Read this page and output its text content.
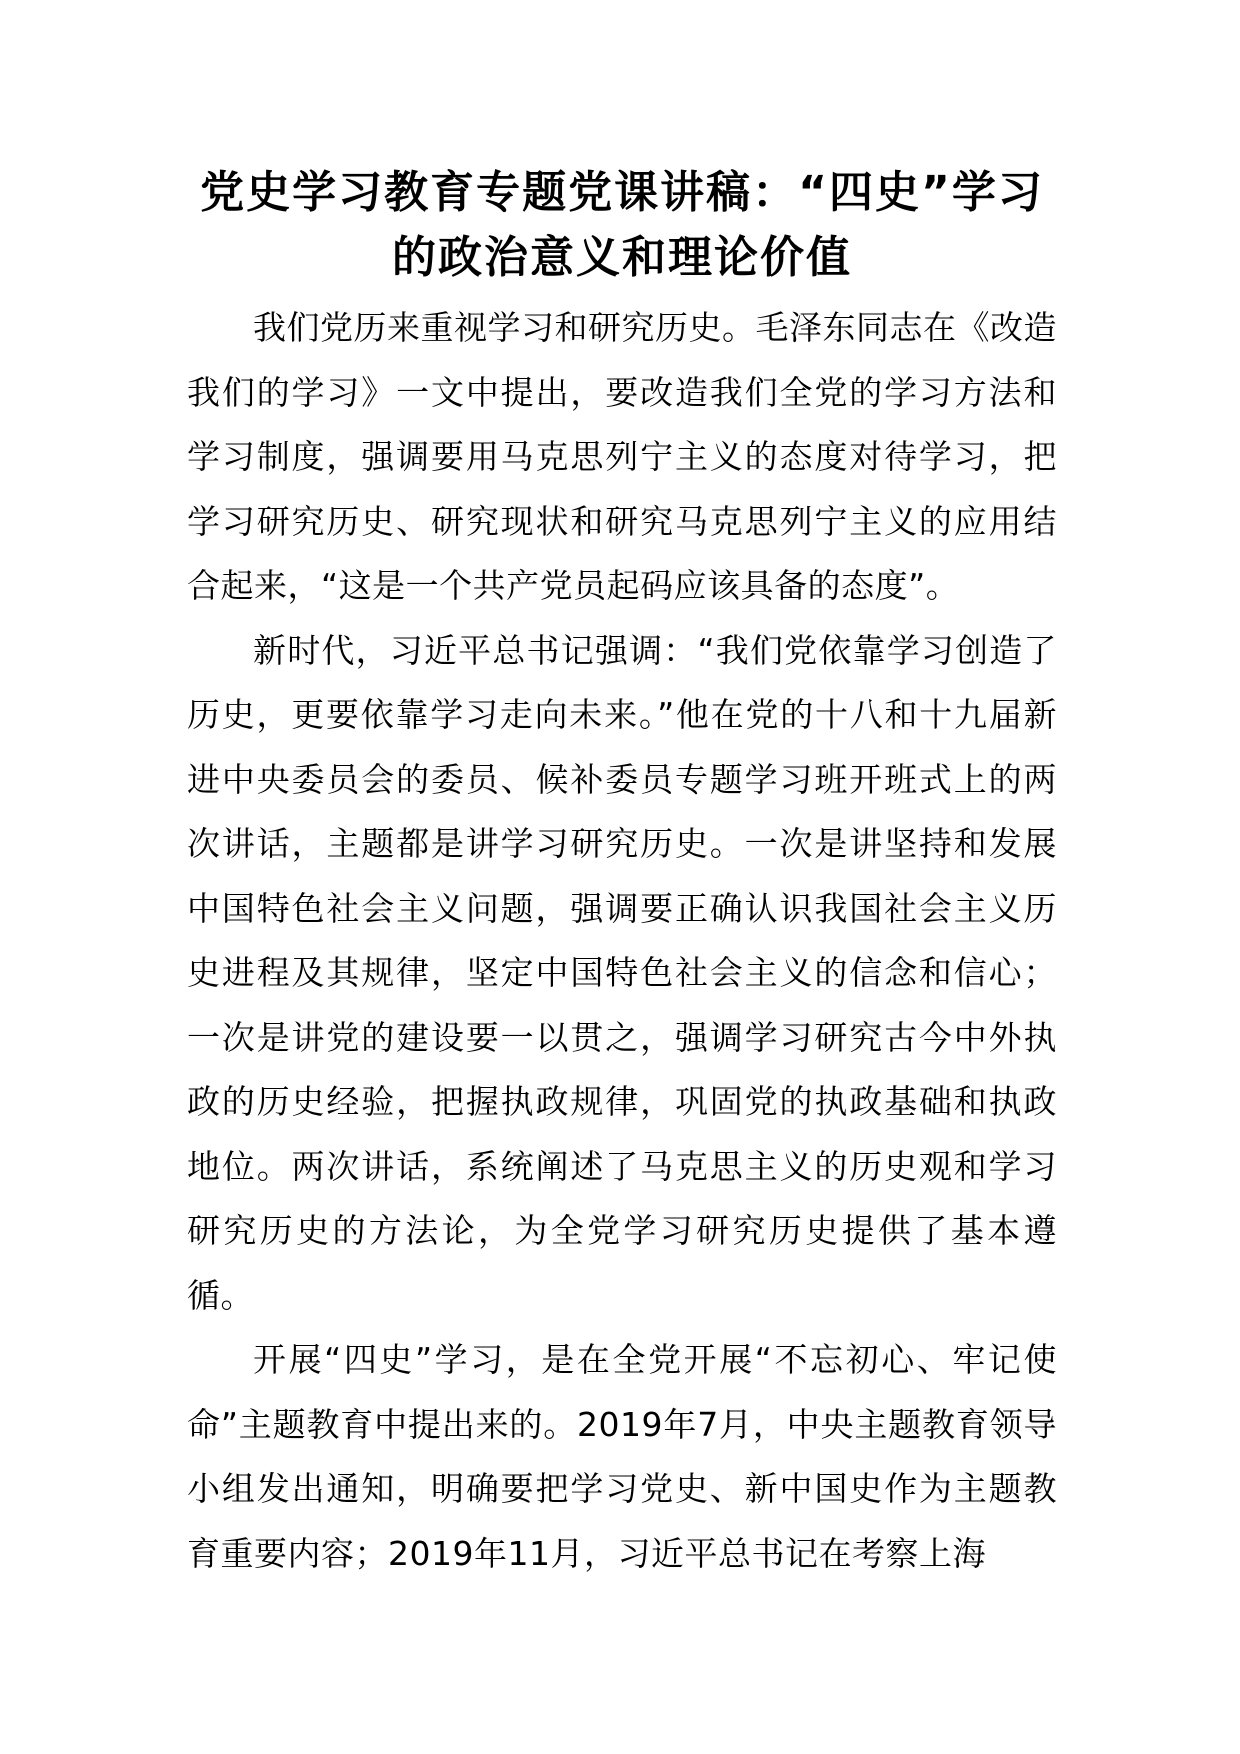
党史学习教育专题党课讲稿：“四史”学习的政治意义和理论价值

我们党历来重视学习和研究历史。毛泽东同志在《改造我们的学习》一文中提出，要改造我们全党的学习方法和学习制度，强调要用马克思列宁主义的态度对待学习，把学习研究历史、研究现状和研究马克思列宁主义的应用结合起来，“这是一个共产党员起码应该具备的态度”。

新时代，习近平总书记强调：“我们党依靠学习创造了历史，更要依靠学习走向未来。”他在党的十八和十九届新进中央委员会的委员、候补委员专题学习班开班式上的两次讲话，主题都是讲学习研究历史。一次是讲坚持和发展中国特色社会主义问题，强调要正确认识我国社会主义历史进程及其规律，坚定中国特色社会主义的信念和信心；一次是讲党的建设要一以贯之，强调学习研究古今中外执政的历史经验，把握执政规律，巩固党的执政基础和执政地位。两次讲话，系统阐述了马克思主义的历史观和学习研究历史的方法论，为全党学习研究历史提供了基本遵循。

开展“四史”学习，是在全党开展“不忘初心、牢记使命”主题教育中提出来的。2019年7月，中央主题教育领导小组发出通知，明确要把学习党史、新中国史作为主题教育重要内容；2019年11月，习近平总书记在考察上海
